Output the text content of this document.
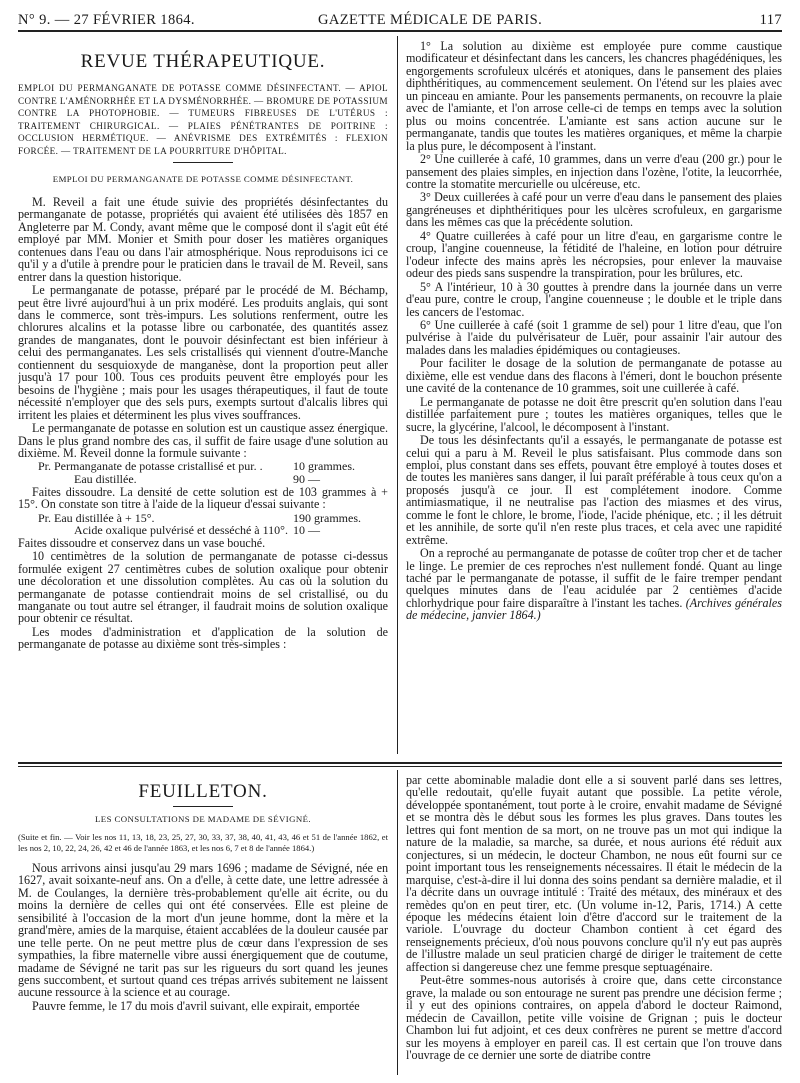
N° 9. — 27 FÉVRIER 1864.	GAZETTE MÉDICALE DE PARIS.	117
REVUE THÉRAPEUTIQUE.

EMPLOI DU PERMANGANATE DE POTASSE COMME DÉSINFECTANT. — APIOL CONTRE L'AMÉNORRHÉE ET LA DYSMÉNORRHÉE. — BROMURE DE POTASSIUM CONTRE LA PHOTOPHOBIE. — TUMEURS FIBREUSES DE L'UTÉRUS : TRAITEMENT CHIRURGICAL. — PLAIES PÉNÉTRANTES DE POITRINE : OCCLUSION HERMÉTIQUE. — ANÉVRISME DES EXTRÉMITÉS : FLEXION FORCÉE. — TRAITEMENT DE LA POURRITURE D'HÔPITAL.

EMPLOI DU PERMANGANATE DE POTASSE COMME DÉSINFECTANT.

M. Reveil a fait une étude suivie des propriétés désinfectantes du permanganate de potasse, propriétés qui avaient été utilisées dès 1857 en Angleterre par M. Condy, avant même que le composé dont il s'agit eût été employé par MM. Monier et Smith pour doser les matières organiques contenues dans l'eau ou dans l'air atmosphérique. Nous reproduisons ici ce qu'il y a d'utile à prendre pour le praticien dans le travail de M. Reveil, sans entrer dans la question historique.

Le permanganate de potasse, préparé par le procédé de M. Béchamp, peut être livré aujourd'hui à un prix modéré. Les produits anglais, qui sont dans le commerce, sont très-impurs. Les solutions renferment, outre les chlorures alcalins et la potasse libre ou carbonatée, des quantités assez grandes de manganates, dont le pouvoir désinfectant est bien inférieur à celui des permanganates. Les sels cristallisés qui viennent d'outre-Manche contiennent du sesquioxyde de manganèse, dont la proportion peut aller jusqu'à 17 pour 100. Tous ces produits peuvent être employés pour les besoins de l'hygiène ; mais pour les usages thérapeutiques, il faut de toute nécessité n'employer que des sels purs, exempts surtout d'alcalis libres qui irritent les plaies et déterminent les plus vives souffrances.

Le permanganate de potasse en solution est un caustique assez énergique. Dans le plus grand nombre des cas, il suffit de faire usage d'une solution au dixième. M. Reveil donne la formule suivante :

Pr. Permanganate de potasse cristallisé et pur. .	10 grammes.
Eau distillée.	90 —

Faites dissoudre. La densité de cette solution est de 103 grammes à + 15°. On constate son titre à l'aide de la liqueur d'essai suivante :

Pr. Eau distillée à + 15°.	190 grammes.
Acide oxalique pulvérisé et desséché à 110°. 10 —

Faites dissoudre et conservez dans un vase bouché.

10 centimètres de la solution de permanganate de potasse ci-dessus formulée exigent 27 centimètres cubes de solution oxalique pour obtenir une décoloration et une dissolution complètes. Au cas où la solution du permanganate de potasse contiendrait moins de sel cristallisé, ou du manganate ou tout autre sel étranger, il faudrait moins de solution oxalique pour obtenir ce résultat.

Les modes d'administration et d'application de la solution de permanganate de potasse au dixième sont très-simples :

1° La solution au dixième est employée pure comme caustique modificateur et désinfectant dans les cancers, les chancres phagédéniques, les engorgements scrofuleux ulcérés et atoniques, dans le pansement des plaies diphthéritiques, au commencement seulement. On l'étend sur les plaies avec un pinceau en amiante. Pour les pansements permanents, on recouvre la plaie avec de l'amiante, et l'on arrose celle-ci de temps en temps avec la solution plus ou moins concentrée. L'amiante est sans action aucune sur le permanganate, tandis que toutes les matières organiques, et même la charpie la plus pure, le décomposent à l'instant.

2° Une cuillerée à café, 10 grammes, dans un verre d'eau (200 gr.) pour le pansement des plaies simples, en injection dans l'ozène, l'otite, la leucorrhée, contre la stomatite mercurielle ou ulcéreuse, etc.

3° Deux cuillerées à café pour un verre d'eau dans le pansement des plaies gangréneuses et diphthéritiques pour les ulcères scrofuleux, en gargarisme dans les mêmes cas que la précédente solution.

4° Quatre cuillerées à café pour un litre d'eau, en gargarisme contre le croup, l'angine couenneuse, la fétidité de l'haleine, en lotion pour détruire l'odeur infecte des mains après les nécropsies, pour enlever la mauvaise odeur des pieds sans suspendre la transpiration, pour les brûlures, etc.

5° A l'intérieur, 10 à 30 gouttes à prendre dans la journée dans un verre d'eau pure, contre le croup, l'angine couenneuse ; le double et le triple dans les cancers de l'estomac.

6° Une cuillerée à café (soit 1 gramme de sel) pour 1 litre d'eau, que l'on pulvérise à l'aide du pulvérisateur de Luër, pour assainir l'air autour des malades dans les maladies épidémiques ou contagieuses.

Pour faciliter le dosage de la solution de permanganate de potasse au dixième, elle est vendue dans des flacons à l'émeri, dont le bouchon présente une cavité de la contenance de 10 grammes, soit une cuillerée à café.

Le permanganate de potasse ne doit être prescrit qu'en solution dans l'eau distillée parfaitement pure ; toutes les matières organiques, telles que le sucre, la glycérine, l'alcool, le décomposent à l'instant.

De tous les désinfectants qu'il a essayés, le permanganate de potasse est celui qui a paru à M. Reveil le plus satisfaisant. Plus commode dans son emploi, plus constant dans ses effets, pouvant être employé à toutes doses et de toutes les manières sans danger, il lui paraît préférable à tous ceux qu'on a proposés jusqu'à ce jour. Il est complétement inodore. Comme antimiasmatique, il ne neutralise pas l'action des miasmes et des virus, comme le font le chlore, le brome, l'iode, l'acide phénique, etc. ; il les détruit et les annihile, de sorte qu'il n'en reste plus traces, et cela avec une rapidité extrême.

On a reproché au permanganate de potasse de coûter trop cher et de tacher le linge. Le premier de ces reproches n'est nullement fondé. Quant au linge taché par le permanganate de potasse, il suffit de le faire tremper pendant quelques minutes dans de l'eau acidulée par 2 centièmes d'acide chlorhydrique pour faire disparaître à l'instant les taches. (Archives générales de médecine, janvier 1864.)

FEUILLETON.
LES CONSULTATIONS DE MADAME DE SÉVIGNÉ.

(Suite et fin. — Voir les nos 11, 13, 18, 23, 25, 27, 30, 33, 37, 38, 40, 41, 43, 46 et 51 de l'année 1862, et les nos 2, 10, 22, 24, 26, 42 et 46 de l'année 1863, et les nos 6, 7 et 8 de l'année 1864.)

Nous arrivons ainsi jusqu'au 29 mars 1696 ; madame de Sévigné, née en 1627, avait soixante-neuf ans. On a d'elle, à cette date, une lettre adressée à M. de Coulanges, la dernière très-probablement qu'elle ait écrite, ou du moins la dernière de celles qui ont été conservées. Elle est pleine de sensibilité à l'occasion de la mort d'un jeune homme, dont la mère et la grand'mère, amies de la marquise, étaient accablées de la douleur causée par une telle perte. On ne peut mettre plus de cœur dans l'expression de ses sympathies, la fibre maternelle vibre aussi énergiquement que de coutume, madame de Sévigné ne tarit pas sur les rigueurs du sort quand les jeunes gens succombent, et surtout quand ces trépas arrivés subitement ne laissent aucune ressource à la science et au courage.

Pauvre femme, le 17 du mois d'avril suivant, elle expirait, emportée

par cette abominable maladie dont elle a si souvent parlé dans ses lettres, qu'elle redoutait, qu'elle fuyait autant que possible. La petite vérole, développée spontanément, tout porte à le croire, envahit madame de Sévigné et se montra dès le début sous les formes les plus graves. Dans toutes les lettres qui font mention de sa mort, on ne trouve pas un mot qui indique la nature de la maladie, sa marche, sa durée, et nous aurions été réduit aux conjectures, si un médecin, le docteur Chambon, ne nous eût fourni sur ce point important tous les renseignements nécessaires. Il était le médecin de la marquise, c'est-à-dire il lui donna des soins pendant sa dernière maladie, et il l'a décrite dans un ouvrage intitulé : Traité des métaux, des minéraux et des remèdes qu'on en peut tirer, etc. (Un volume in-12, Paris, 1714.) A cette époque les médecins étaient loin d'être d'accord sur le traitement de la variole. L'ouvrage du docteur Chambon contient à cet égard des renseignements précieux, d'où nous pouvons conclure qu'il n'y eut pas auprès de l'illustre malade un seul praticien chargé de diriger le traitement de cette affection si dangereuse chez une femme presque septuagénaire.

Peut-être sommes-nous autorisés à croire que, dans cette circonstance grave, la malade ou son entourage ne surent pas prendre une décision ferme ; il y eut des opinions contraires, on appela d'abord le docteur Raimond, médecin de Cavaillon, petite ville voisine de Grignan ; puis le docteur Chambon lui fut adjoint, et ces deux confrères ne purent se mettre d'accord sur les moyens à employer en pareil cas. Il est certain que l'on trouve dans l'ouvrage de ce dernier une sorte de diatribe contre
